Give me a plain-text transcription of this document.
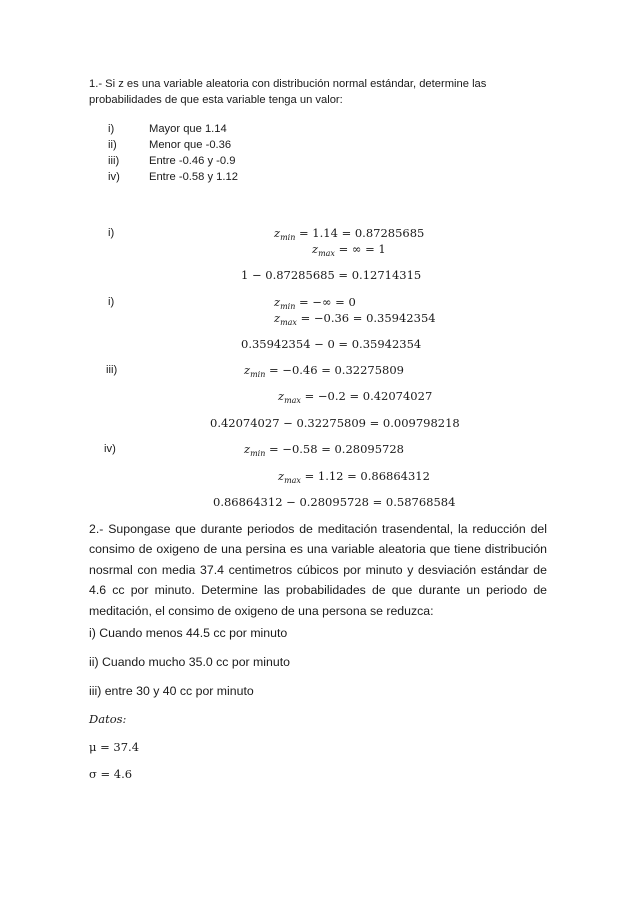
1.- Si z es una variable aleatoria con distribución normal estándar, determine las
probabilidades de que esta variable tenga un valor:
i)	Mayor que 1.14
ii)	Menor que -0.36
iii)	Entre -0.46 y -0.9
iv)	Entre -0.58 y 1.12
i)	$z_{min} = 1.14 = 0.87285685$
$z_{max}$ = ∞ = 1
1 − 0.87285685 = 0.12714315
i)	$z_{min}$ = −∞ = 0
$z_{max} = -0.36 = 0.35942354$
0.35942354 − 0 = 0.35942354
iii)	$z_{min} = -0.46 = 0.32275809$
$z_{max} = -0.2 = 0.42074027$
0.42074027 − 0.32275809 = 0.009798218
iv)	$z_{min} = -0.58 = 0.28095728$
$z_{max} = 1.12 = 0.86864312$
0.86864312 − 0.28095728 = 0.58768584

2.- Supongase que durante periodos de meditación trasendental, la reducción del consimo de oxigeno de una persina es una variable aleatoria que tiene distribución nosrmal con media 37.4 centimetros cúbicos por minuto y desviación estándar de 4.6 cc por minuto. Determine las probabilidades de que durante un periodo de meditación, el consimo de oxigeno de una persona se reduzca:

i) Cuando menos 44.5 cc por minuto
ii) Cuando mucho 35.0 cc por minuto
iii) entre 30 y 40 cc por minuto
Datos:
μ = 37.4
σ = 4.6
